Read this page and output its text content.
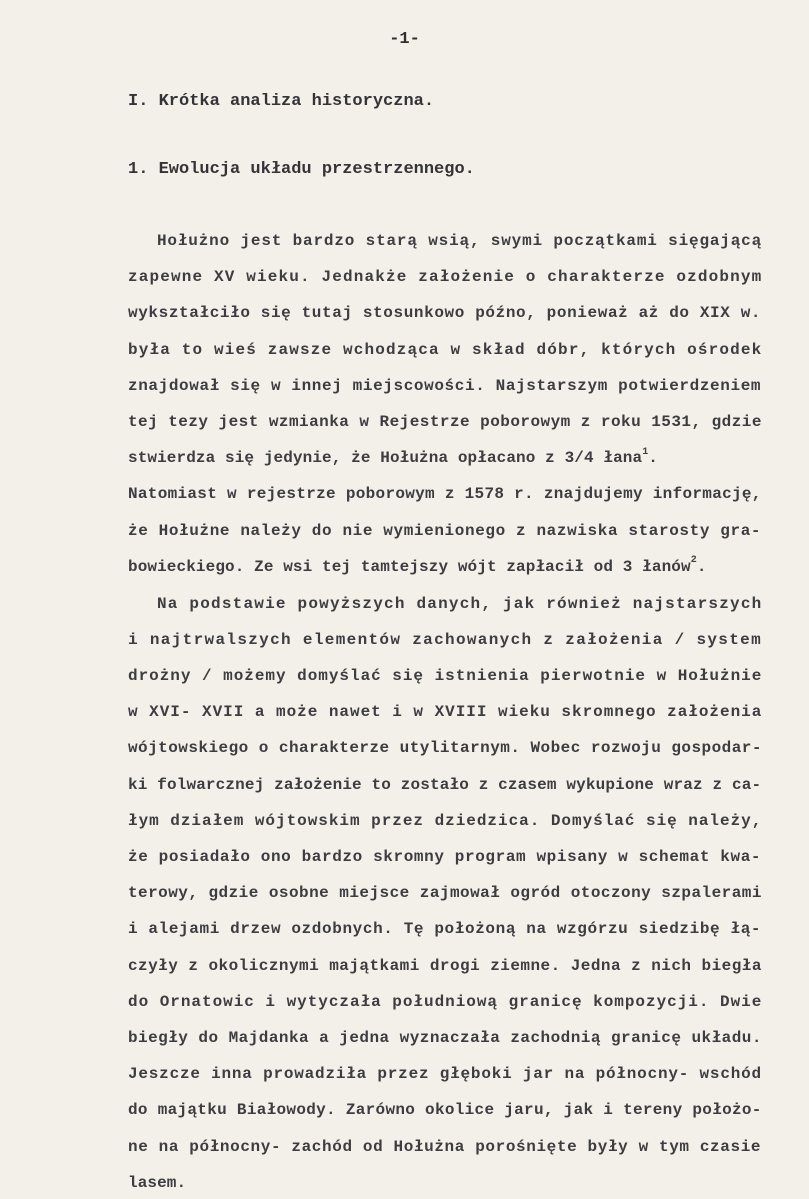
-1-
I. Krótka analiza historyczna.
1. Ewolucja układu przestrzennego.
Hołużno jest bardzo starą wsią, swymi początkami sięgającą
zapewne XV wieku. Jednakże założenie o charakterze ozdobnym
wykształciło się tutaj stosunkowo późno, ponieważ aż do XIX w.
była to wieś zawsze wchodząca w skład dóbr, których ośrodek
znajdował się w innej miejscowości. Najstarszym potwierdzeniem
tej tezy jest wzmianka w Rejestrze poborowym z roku 1531, gdzie
stwierdza się jedynie, że Hołużna opłacano z 3/4 łana$^1$.
Natomiast w rejestrze poborowym z 1578 r. znajdujemy informację,
że Hołużne należy do nie wymienionego z nazwiska starosty gra-
bowieckiego. Ze wsi tej tamtejszy wójt zapłacił od 3 łanów$^2$.
Na podstawie powyższych danych, jak również najstarszych
i najtrwalszych elementów zachowanych z założenia / system
drożny / możemy domyślać się istnienia pierwotnie w Hołużnie
w XVI- XVII a może nawet i w XVIII wieku skromnego założenia
wójtowskiego o charakterze utylitarnym. Wobec rozwoju gospodar-
ki folwarcznej założenie to zostało z czasem wykupione wraz z ca-
łym działem wójtowskim przez dziedzica. Domyślać się należy,
że posiadało ono bardzo skromny program wpisany w schemat kwa-
terowy, gdzie osobne miejsce zajmował ogród otoczony szpalerami
i alejami drzew ozdobnych. Tę położoną na wzgórzu siedzibę łą-
czyły z okolicznymi majątkami drogi ziemne. Jedna z nich biegła
do Ornatowic i wytyczała południową granicę kompozycji. Dwie
biegły do Majdanka a jedna wyznaczała zachodnią granicę układu.
Jeszcze inna prowadziła przez głęboki jar na północny- wschód
do majątku Białowody. Zarówno okolice jaru, jak i tereny położo-
ne na północny- zachód od Hołużna porośnięte były w tym czasie
lasem.
